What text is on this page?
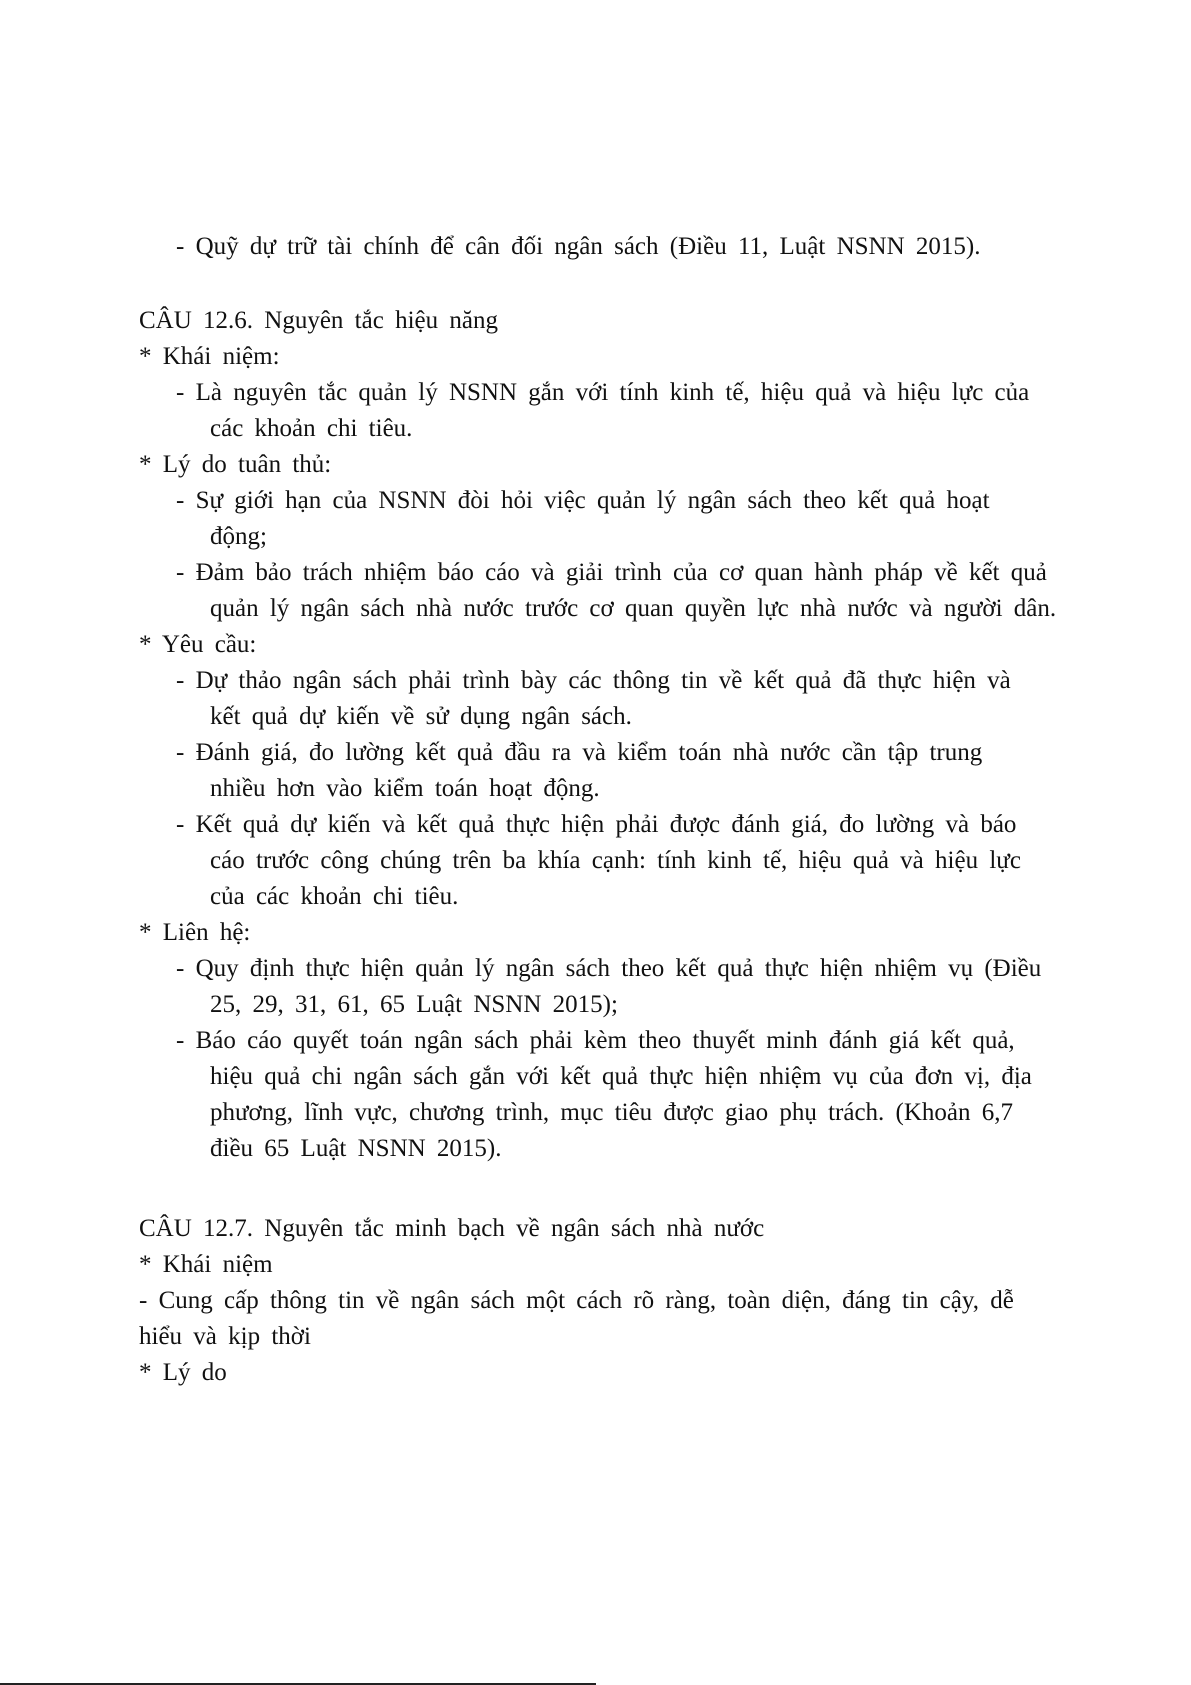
- Quỹ dự trữ tài chính để cân đối ngân sách (Điều 11, Luật NSNN 2015).
CÂU 12.6. Nguyên tắc hiệu năng
* Khái niệm:
- Là nguyên tắc quản lý NSNN gắn với tính kinh tế, hiệu quả và hiệu lực của
các khoản chi tiêu.
* Lý do tuân thủ:
- Sự giới hạn của NSNN đòi hỏi việc quản lý ngân sách theo kết quả hoạt
động;
- Đảm bảo trách nhiệm báo cáo và giải trình của cơ quan hành pháp về kết quả
quản lý ngân sách nhà nước trước cơ quan quyền lực nhà nước và người dân.
* Yêu cầu:
- Dự thảo ngân sách phải trình bày các thông tin về kết quả đã thực hiện và
kết quả dự kiến về sử dụng ngân sách.
- Đánh giá, đo lường kết quả đầu ra và kiểm toán nhà nước cần tập trung
nhiều hơn vào kiểm toán hoạt động.
- Kết quả dự kiến và kết quả thực hiện phải được đánh giá, đo lường và báo
cáo trước công chúng trên ba khía cạnh: tính kinh tế, hiệu quả và hiệu lực
của các khoản chi tiêu.
* Liên hệ:
- Quy định thực hiện quản lý ngân sách theo kết quả thực hiện nhiệm vụ (Điều
25, 29, 31, 61, 65 Luật NSNN 2015);
- Báo cáo quyết toán ngân sách phải kèm theo thuyết minh đánh giá kết quả,
hiệu quả chi ngân sách gắn với kết quả thực hiện nhiệm vụ của đơn vị, địa
phương, lĩnh vực, chương trình, mục tiêu được giao phụ trách. (Khoản 6,7
điều 65 Luật NSNN 2015).
CÂU 12.7. Nguyên tắc minh bạch về ngân sách nhà nước
* Khái niệm
- Cung cấp thông tin về ngân sách một cách rõ ràng, toàn diện, đáng tin cậy, dễ
hiểu và kịp thời
* Lý do
